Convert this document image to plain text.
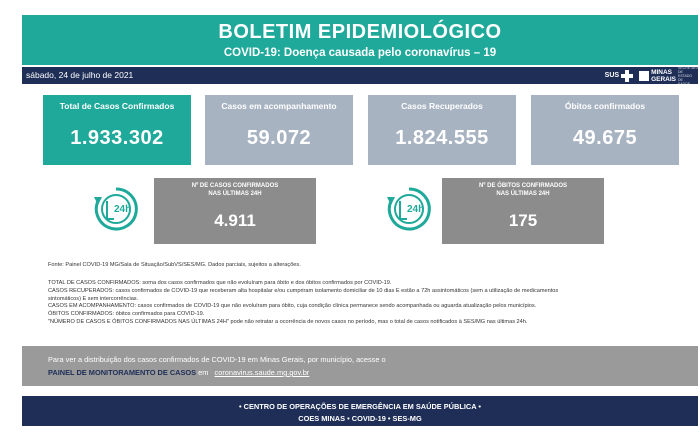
BOLETIM EPIDEMIOLÓGICO
COVID-19: Doença causada pelo coronavírus – 19
sábado, 24 de julho de 2021	SUS	MINAS
GERAIS
SECRETARIA DE ESTADO DE SAÚDE
Total de Casos Confirmados
1.933.302
Casos em acompanhamento
59.072
Casos Recuperados
1.824.555
Óbitos confirmados
49.675
24h
Nº DE CASOS CONFIRMADOS
NAS ÚLTIMAS 24H
4.911
24h
Nº DE ÓBITOS CONFIRMADOS
NAS ÚLTIMAS 24H
175
Fonte: Painel COVID-19 MG/Sala de Situação/SubVS/SES/MG. Dados parciais, sujeitos a alterações.
TOTAL DE CASOS CONFIRMADOS: soma dos casos confirmados que não evoluíram para óbito e dos óbitos confirmados por COVID-19.
CASOS RECUPERADOS: casos confirmados de COVID-19 que receberam alta hospitalar e/ou cumpriram isolamento domiciliar de 10 dias E estão a 72h assintomáticos (sem a utilização de medicamentos
sintomáticos) E sem intercorrências.
CASOS EM ACOMPANHAMENTO: casos confirmados de COVID-19 que não evoluíram para óbito, cuja condição clínica permanece sendo acompanhada ou aguarda atualização pelos municípios.
ÓBITOS CONFIRMADOS: óbitos confirmados para COVID-19.
"NÚMERO DE CASOS E ÓBITOS CONFIRMADOS NAS ÚLTIMAS 24H" pode não retratar a ocorrência de novos casos no período, mas o total de casos notificados à SES/MG nas últimas 24h.
Para ver a distribuição dos casos confirmados de COVID-19 em Minas Gerais, por município, acesse o
PAINEL DE MONITORAMENTO DE CASOS em coronavirus.saude.mg.gov.br
• CENTRO DE OPERAÇÕES DE EMERGÊNCIA EM SAÚDE PÚBLICA •
COES MINAS • COVID-19 • SES-MG
